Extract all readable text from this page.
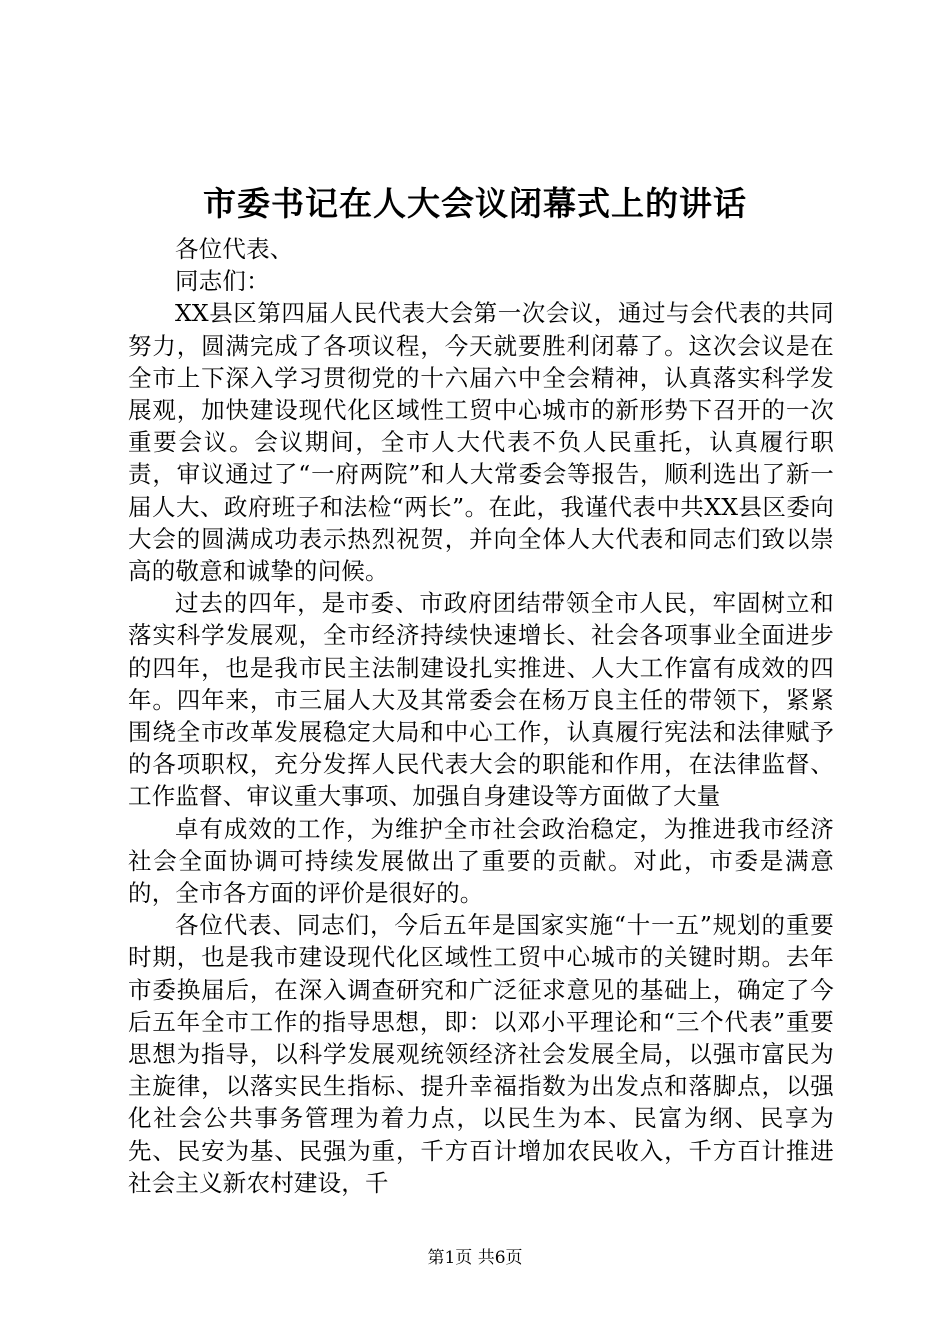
市委书记在人大会议闭幕式上的讲话

各位代表、

同志们：

XX县区第四届人民代表大会第一次会议，通过与会代表的共同努力，圆满完成了各项议程，今天就要胜利闭幕了。这次会议是在全市上下深入学习贯彻党的十六届六中全会精神，认真落实科学发展观，加快建设现代化区域性工贸中心城市的新形势下召开的一次重要会议。会议期间，全市人大代表不负人民重托，认真履行职责，审议通过了“一府两院”和人大常委会等报告，顺利选出了新一届人大、政府班子和法检“两长”。在此，我谨代表中共XX县区委向大会的圆满成功表示热烈祝贺，并向全体人大代表和同志们致以崇高的敬意和诚挚的问候。

过去的四年，是市委、市政府团结带领全市人民，牢固树立和落实科学发展观，全市经济持续快速增长、社会各项事业全面进步的四年，也是我市民主法制建设扎实推进、人大工作富有成效的四年。四年来，市三届人大及其常委会在杨万良主任的带领下，紧紧围绕全市改革发展稳定大局和中心工作，认真履行宪法和法律赋予的各项职权，充分发挥人民代表大会的职能和作用，在法律监督、工作监督、审议重大事项、加强自身建设等方面做了大量

卓有成效的工作，为维护全市社会政治稳定，为推进我市经济社会全面协调可持续发展做出了重要的贡献。对此，市委是满意的，全市各方面的评价是很好的。

各位代表、同志们，今后五年是国家实施“十一五”规划的重要时期，也是我市建设现代化区域性工贸中心城市的关键时期。去年市委换届后，在深入调查研究和广泛征求意见的基础上，确定了今后五年全市工作的指导思想，即：以邓小平理论和“三个代表”重要思想为指导，以科学发展观统领经济社会发展全局，以强市富民为主旋律，以落实民生指标、提升幸福指数为出发点和落脚点，以强化社会公共事务管理为着力点，以民生为本、民富为纲、民享为先、民安为基、民强为重，千方百计增加农民收入，千方百计推进社会主义新农村建设，千

第1页 共6页
